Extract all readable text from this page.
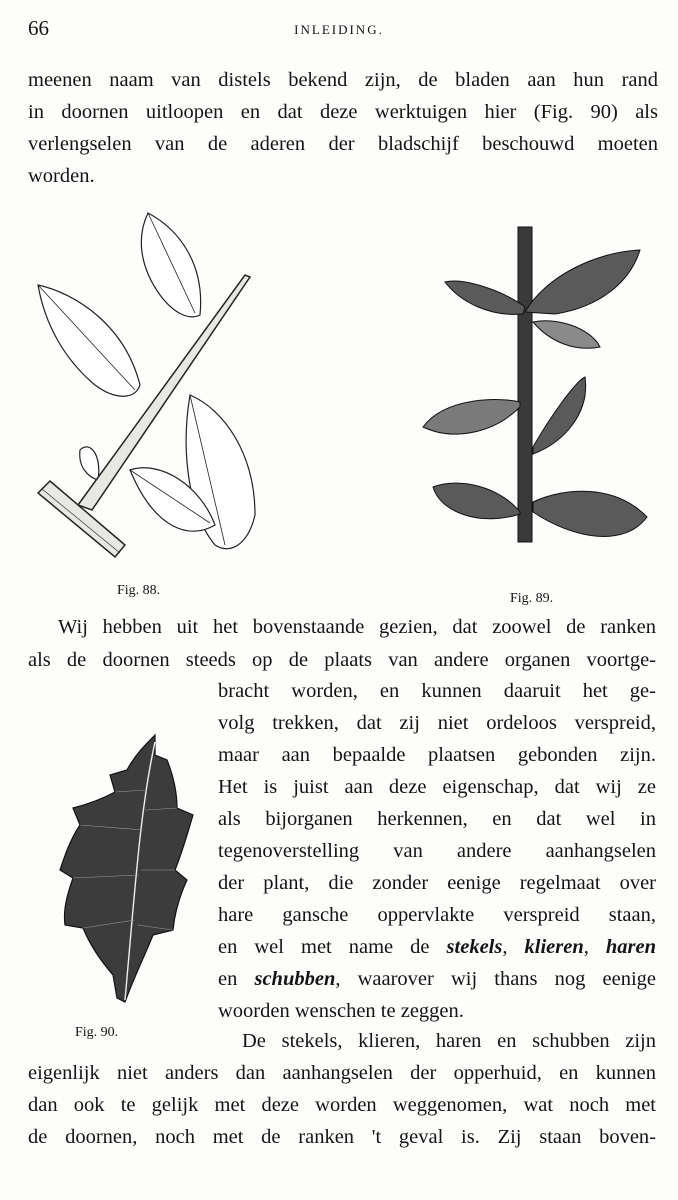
66	INLEIDING.
meenen naam van distels bekend zijn, de bladen aan hun rand
in doornen uitloopen en dat deze werktuigen hier (Fig. 90) als
verlengselen van de aderen der bladschijf beschouwd moeten
worden.
Fig. 88.
Fig. 89.
Wij hebben uit het bovenstaande gezien, dat zoowel de ranken
als de doornen steeds op de plaats van andere organen voortge-
bracht worden, en kunnen daaruit het ge-
volg trekken, dat zij niet ordeloos verspreid,
maar aan bepaalde plaatsen gebonden zijn.
Het is juist aan deze eigenschap, dat wij ze
als bijorganen herkennen, en dat wel in
tegenoverstelling van andere aanhangselen
der plant, die zonder eenige regelmaat over
hare gansche oppervlakte verspreid staan,
en wel met name de stekels, klieren, haren
en schubben, waarover wij thans nog eenige
woorden wenschen te zeggen.
Fig. 90.	De stekels, klieren, haren en schubben zijn
eigenlijk niet anders dan aanhangselen der opperhuid, en kunnen
dan ook te gelijk met deze worden weggenomen, wat noch met
de doornen, noch met de ranken 't geval is. Zij staan boven-
